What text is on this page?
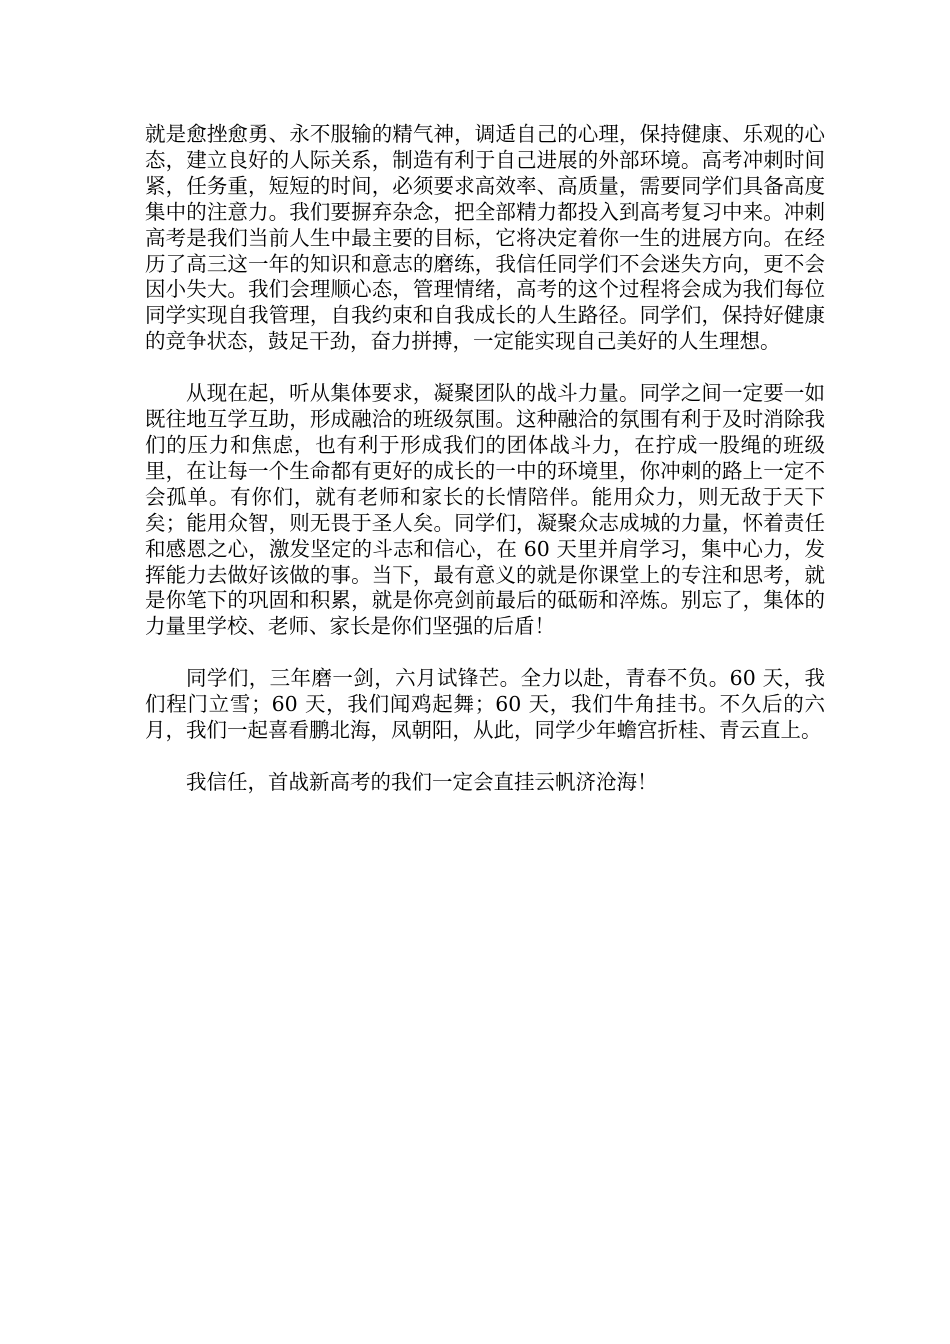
就是愈挫愈勇、永不服输的精气神，调适自己的心理，保持健康、乐观的心态，建立良好的人际关系，制造有利于自己进展的外部环境。高考冲刺时间紧，任务重，短短的时间，必须要求高效率、高质量，需要同学们具备高度集中的注意力。我们要摒弃杂念，把全部精力都投入到高考复习中来。冲刺高考是我们当前人生中最主要的目标，它将决定着你一生的进展方向。在经历了高三这一年的知识和意志的磨练，我信任同学们不会迷失方向，更不会因小失大。我们会理顺心态，管理情绪，高考的这个过程将会成为我们每位同学实现自我管理，自我约束和自我成长的人生路径。同学们，保持好健康的竞争状态，鼓足干劲，奋力拼搏，一定能实现自己美好的人生理想。

从现在起，听从集体要求，凝聚团队的战斗力量。同学之间一定要一如既往地互学互助，形成融洽的班级氛围。这种融洽的氛围有利于及时消除我们的压力和焦虑，也有利于形成我们的团体战斗力，在拧成一股绳的班级里，在让每一个生命都有更好的成长的一中的环境里，你冲刺的路上一定不会孤单。有你们，就有老师和家长的长情陪伴。能用众力，则无敌于天下矣；能用众智，则无畏于圣人矣。同学们，凝聚众志成城的力量，怀着责任和感恩之心，激发坚定的斗志和信心，在 60 天里并肩学习，集中心力，发挥能力去做好该做的事。当下，最有意义的就是你课堂上的专注和思考，就是你笔下的巩固和积累，就是你亮剑前最后的砥砺和淬炼。别忘了，集体的力量里学校、老师、家长是你们坚强的后盾！

同学们，三年磨一剑，六月试锋芒。全力以赴，青春不负。60 天，我们程门立雪；60 天，我们闻鸡起舞；60 天，我们牛角挂书。不久后的六月，我们一起喜看鹏北海，凤朝阳，从此，同学少年蟾宫折桂、青云直上。

我信任，首战新高考的我们一定会直挂云帆济沧海！
